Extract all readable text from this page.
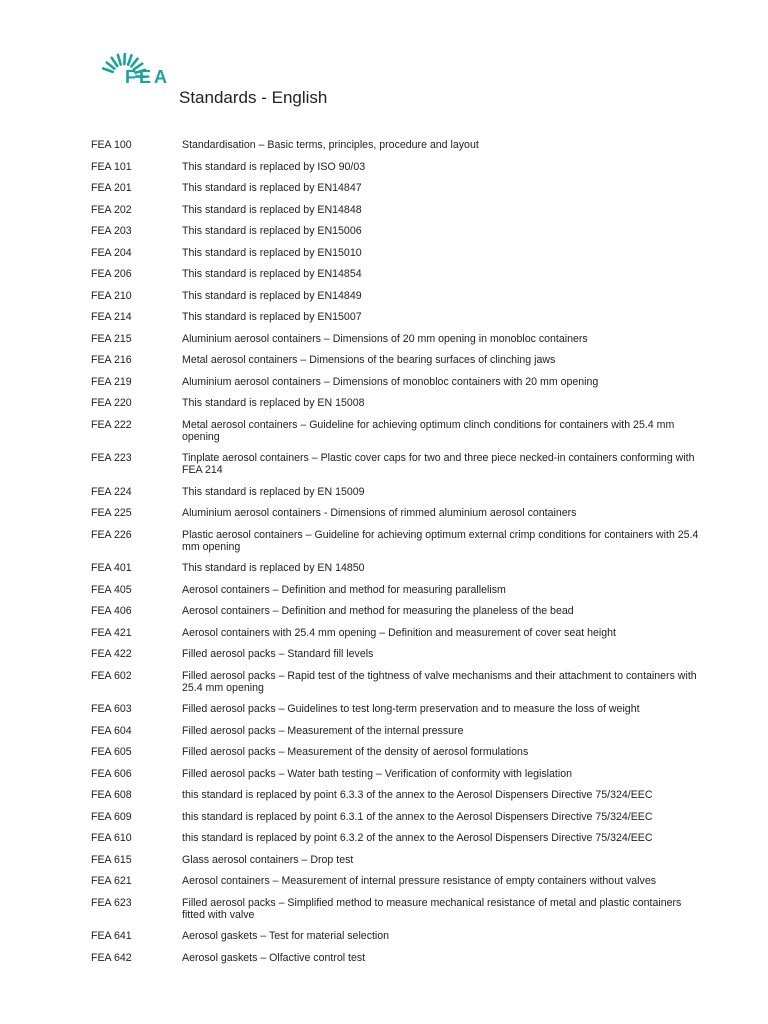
FEA
Standards - English
FEA 100	Standardisation – Basic terms, principles, procedure and layout
FEA 101	This standard is replaced by ISO 90/03
FEA 201	This standard is replaced by EN14847
FEA 202	This standard is replaced by EN14848
FEA 203	This standard is replaced by EN15006
FEA 204	This standard is replaced by EN15010
FEA 206	This standard is replaced by EN14854
FEA 210	This standard is replaced by EN14849
FEA 214	This standard is replaced by EN15007
FEA 215	Aluminium aerosol containers – Dimensions of 20 mm opening in monobloc containers
FEA 216	Metal aerosol containers – Dimensions of the bearing surfaces of clinching jaws
FEA 219	Aluminium aerosol containers – Dimensions of monobloc containers with 20 mm opening
FEA 220	This standard is replaced by EN 15008
FEA 222	Metal aerosol containers – Guideline for achieving optimum clinch conditions for containers with 25.4 mm opening
FEA 223	Tinplate aerosol containers – Plastic cover caps for two and three piece necked-in containers conforming with FEA 214
FEA 224	This standard is replaced by EN 15009
FEA 225	Aluminium aerosol containers - Dimensions of rimmed aluminium aerosol containers
FEA 226	Plastic aerosol containers – Guideline for achieving optimum external crimp conditions for containers with 25.4 mm opening
FEA 401	This standard is replaced by EN 14850
FEA 405	Aerosol containers – Definition and method for measuring parallelism
FEA 406	Aerosol containers – Definition and method for measuring the planeless of the bead
FEA 421	Aerosol containers with 25.4 mm opening – Definition and measurement of cover seat height
FEA 422	Filled aerosol packs – Standard fill levels
FEA 602	Filled aerosol packs – Rapid test of the tightness of valve mechanisms and their attachment to containers with 25.4 mm opening
FEA 603	Filled aerosol packs – Guidelines to test long-term preservation and to measure the loss of weight
FEA 604	Filled aerosol packs – Measurement of the internal pressure
FEA 605	Filled aerosol packs – Measurement of the density of aerosol formulations
FEA 606	Filled aerosol packs – Water bath testing – Verification of conformity with legislation
FEA 608	this standard is replaced by point 6.3.3 of the annex to the Aerosol Dispensers Directive 75/324/EEC
FEA 609	this standard is replaced by point 6.3.1 of the annex to the Aerosol Dispensers Directive 75/324/EEC
FEA 610	this standard is replaced by point 6.3.2 of the annex to the Aerosol Dispensers Directive 75/324/EEC
FEA 615	Glass aerosol containers – Drop test
FEA 621	Aerosol containers – Measurement of internal pressure resistance of empty containers without valves
FEA 623	Filled aerosol packs – Simplified method to measure mechanical resistance of metal and plastic containers fitted with valve
FEA 641	Aerosol gaskets – Test for material selection
FEA 642	Aerosol gaskets – Olfactive control test
